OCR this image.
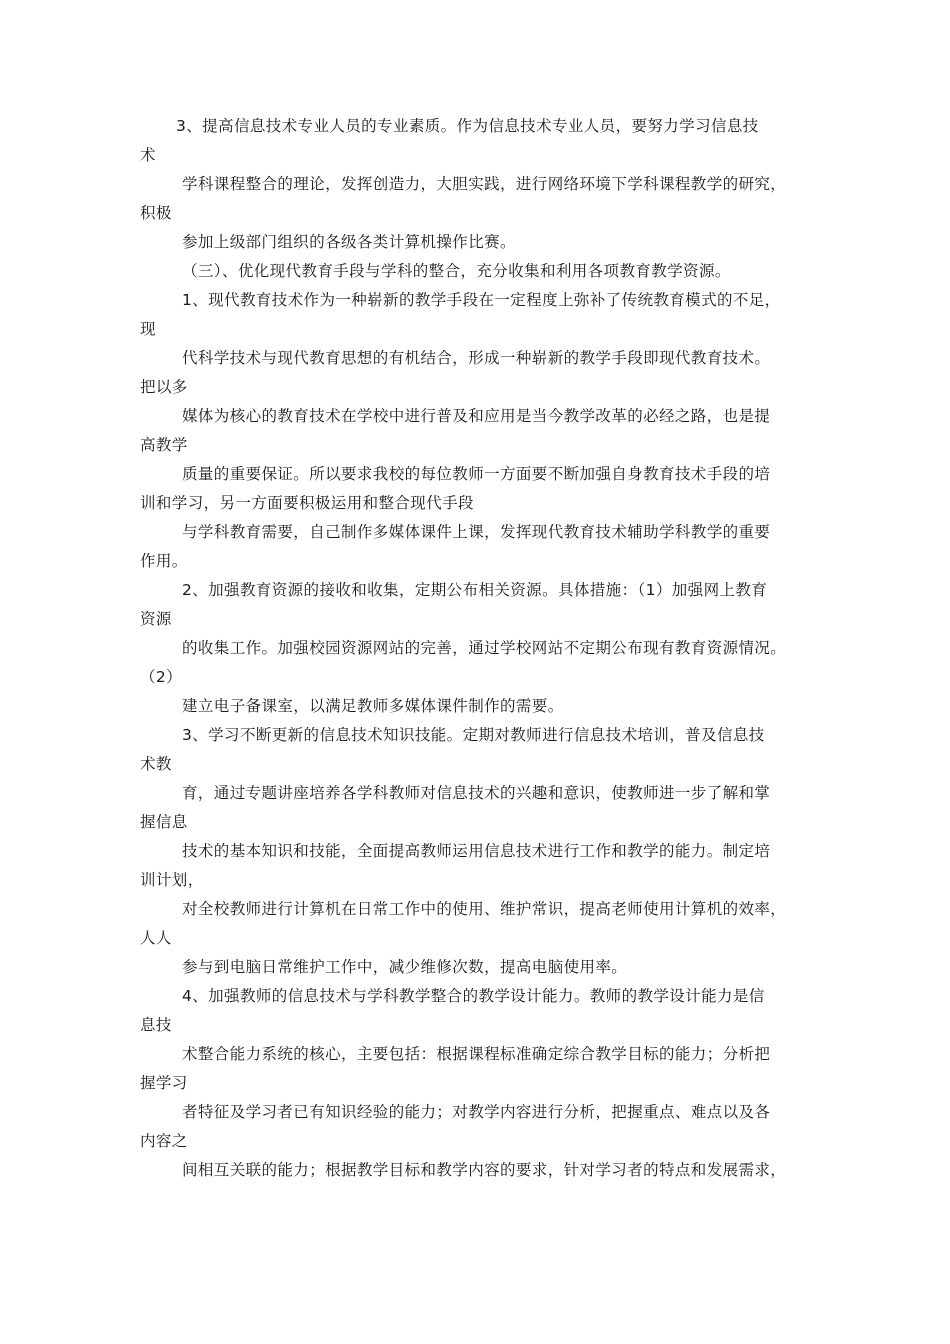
3、提高信息技术专业人员的专业素质。作为信息技术专业人员，要努力学习信息技
术
学科课程整合的理论，发挥创造力，大胆实践，进行网络环境下学科课程教学的研究，
积极
参加上级部门组织的各级各类计算机操作比赛。
（三）、优化现代教育手段与学科的整合，充分收集和利用各项教育教学资源。
1、现代教育技术作为一种崭新的教学手段在一定程度上弥补了传统教育模式的不足，
现
代科学技术与现代教育思想的有机结合，形成一种崭新的教学手段即现代教育技术。
把以多
媒体为核心的教育技术在学校中进行普及和应用是当今教学改革的必经之路，也是提
高教学
质量的重要保证。所以要求我校的每位教师一方面要不断加强自身教育技术手段的培
训和学习，另一方面要积极运用和整合现代手段
与学科教育需要，自己制作多媒体课件上课，发挥现代教育技术辅助学科教学的重要
作用。
2、加强教育资源的接收和收集，定期公布相关资源。具体措施：（1）加强网上教育
资源
的收集工作。加强校园资源网站的完善，通过学校网站不定期公布现有教育资源情况。
（2）
建立电子备课室，以满足教师多媒体课件制作的需要。
3、学习不断更新的信息技术知识技能。定期对教师进行信息技术培训，普及信息技
术教
育，通过专题讲座培养各学科教师对信息技术的兴趣和意识，使教师进一步了解和掌
握信息
技术的基本知识和技能，全面提高教师运用信息技术进行工作和教学的能力。制定培
训计划，
对全校教师进行计算机在日常工作中的使用、维护常识，提高老师使用计算机的效率，
人人
参与到电脑日常维护工作中，减少维修次数，提高电脑使用率。
4、加强教师的信息技术与学科教学整合的教学设计能力。教师的教学设计能力是信
息技
术整合能力系统的核心，主要包括：根据课程标准确定综合教学目标的能力；分析把
握学习
者特征及学习者已有知识经验的能力；对教学内容进行分析，把握重点、难点以及各
内容之
间相互关联的能力；根据教学目标和教学内容的要求，针对学习者的特点和发展需求，
